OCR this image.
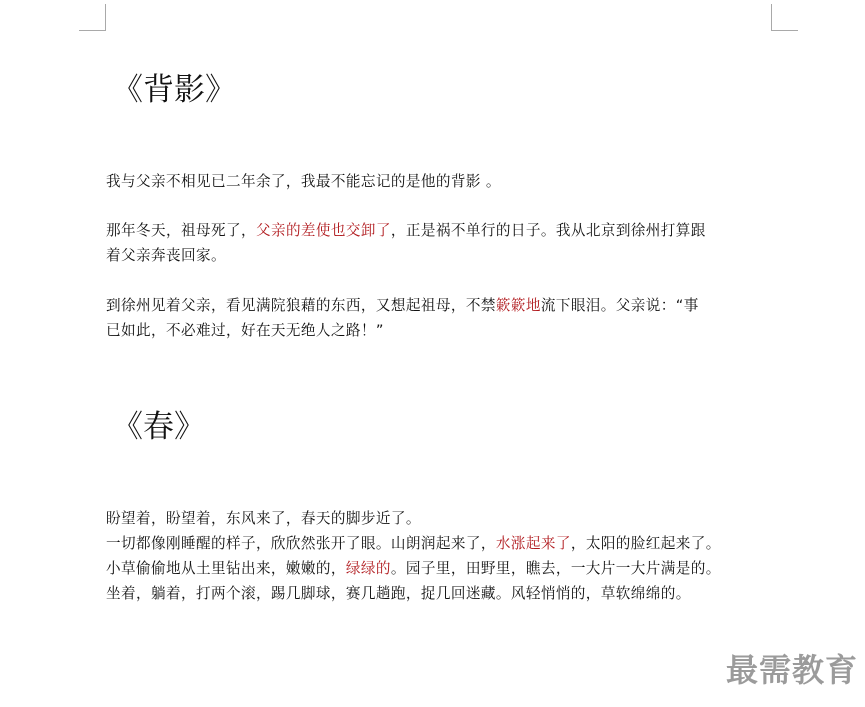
《背影》

我与父亲不相见已二年余了，我最不能忘记的是他的背影 。

那年冬天，祖母死了，父亲的差使也交卸了，正是祸不单行的日子。我从北京到徐州打算跟
着父亲奔丧回家。

到徐州见着父亲，看见满院狼藉的东西，又想起祖母，不禁簌簌地流下眼泪。父亲说：“事
已如此，不必难过，好在天无绝人之路！”

《春》

盼望着，盼望着，东风来了，春天的脚步近了。
一切都像刚睡醒的样子，欣欣然张开了眼。山朗润起来了，水涨起来了，太阳的脸红起来了。
小草偷偷地从土里钻出来，嫩嫩的，绿绿的。园子里，田野里，瞧去，一大片一大片满是的。
坐着，躺着，打两个滚，踢几脚球，赛几趟跑，捉几回迷藏。风轻悄悄的，草软绵绵的。

最需教育
